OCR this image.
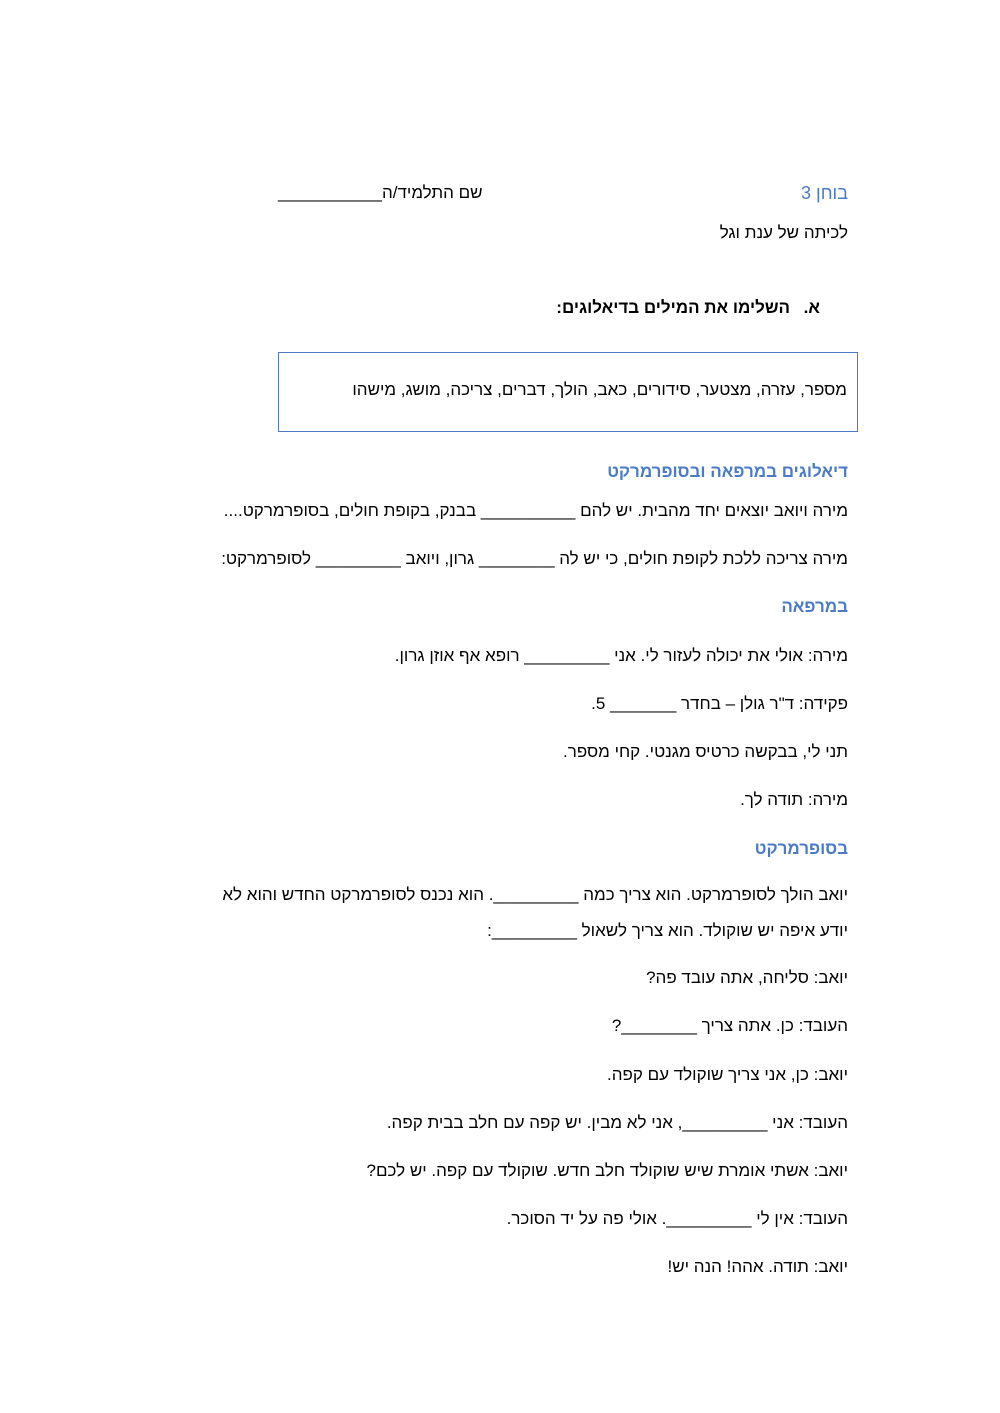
בוחן 3
שם התלמיד/ה___________
לכיתה של ענת וגל
א.השלימו את המילים בדיאלוגים:
מספר, עזרה, מצטער, סידורים, כאב, הולך, דברים, צריכה, מושג, מישהו
דיאלוגים במרפאה ובסופרמרקט
מירה ויואב יוצאים יחד מהבית. יש להם __________ בבנק, בקופת חולים, בסופרמרקט....
מירה צריכה ללכת לקופת חולים, כי יש לה ________ גרון, ויואב _________ לסופרמרקט:
במרפאה
מירה: אולי את יכולה לעזור לי. אני _________ רופא אף אוזן גרון.
פקידה: ד"ר גולן – בחדר _______ 5.
תני לי, בבקשה כרטיס מגנטי. קחי מספר.
מירה: תודה לך.
בסופרמרקט
יואב הולך לסופרמרקט. הוא צריך כמה _________. הוא נכנס לסופרמרקט החדש והוא לא
יודע איפה יש שוקולד. הוא צריך לשאול _________:
יואב: סליחה, אתה עובד פה?
העובד: כן. אתה צריך ________?
יואב: כן, אני צריך שוקולד עם קפה.
העובד: אני _________, אני לא מבין. יש קפה עם חלב בבית קפה.
יואב: אשתי אומרת שיש שוקולד חלב חדש. שוקולד עם קפה. יש לכם?
העובד: אין לי _________. אולי פה על יד הסוכר.
יואב: תודה. אהה! הנה יש!
